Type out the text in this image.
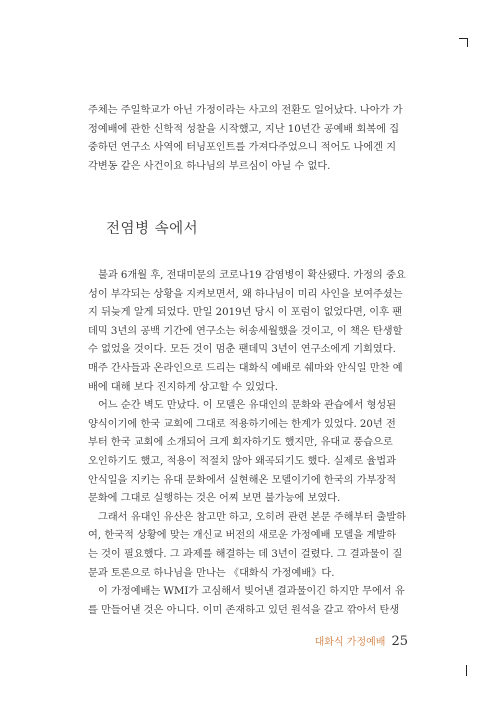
주체는 주일학교가 아닌 가정이라는 사고의 전환도 일어났다. 나아가 가
정예배에 관한 신학적 성찰을 시작했고, 지난 10년간 공예배 회복에 집
중하던 연구소 사역에 터닝포인트를 가져다주었으니 적어도 나에겐 지
각변동 같은 사건이요 하나님의 부르심이 아닐 수 없다.
전염병 속에서
불과 6개월 후, 전대미문의 코로나19 감염병이 확산됐다. 가정의 중요
성이 부각되는 상황을 지켜보면서, 왜 하나님이 미리 사인을 보여주셨는
지 뒤늦게 알게 되었다. 만일 2019년 당시 이 포럼이 없었다면, 이후 팬
데믹 3년의 공백 기간에 연구소는 허송세월했을 것이고, 이 책은 탄생할
수 없었을 것이다. 모든 것이 멈춘 팬데믹 3년이 연구소에게 기회였다.
매주 간사들과 온라인으로 드리는 대화식 예배로 쉐마와 안식일 만찬 예
배에 대해 보다 진지하게 상고할 수 있었다.
어느 순간 벽도 만났다. 이 모델은 유대인의 문화와 관습에서 형성된
양식이기에 한국 교회에 그대로 적용하기에는 한계가 있었다. 20년 전
부터 한국 교회에 소개되어 크게 회자하기도 했지만, 유대교 풍습으로
오인하기도 했고, 적용이 적절치 않아 왜곡되기도 했다. 실제로 율법과
안식일을 지키는 유대 문화에서 실현해온 모델이기에 한국의 가부장적
문화에 그대로 실행하는 것은 어찌 보면 불가능에 보였다.
그래서 유대인 유산은 참고만 하고, 오히려 관련 본문 주해부터 출발하
여, 한국적 상황에 맞는 개신교 버전의 새로운 가정예배 모델을 계발하
는 것이 필요했다. 그 과제를 해결하는 데 3년이 걸렸다. 그 결과물이 질
문과 토론으로 하나님을 만나는 《대화식 가정예배》다.
이 가정예배는 WMI가 고심해서 빚어낸 결과물이긴 하지만 무에서 유
를 만들어낸 것은 아니다. 이미 존재하고 있던 원석을 갈고 깎아서 탄생
대화식 가정예배 25
